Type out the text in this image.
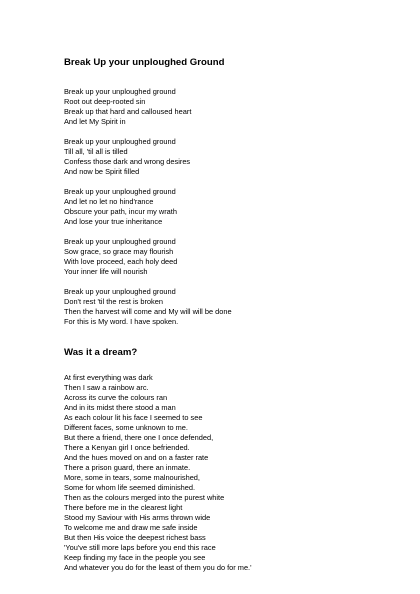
Break Up your unploughed Ground
Break up your unploughed ground
Root out deep-rooted sin
Break up that hard and calloused heart
And let My Spirit in
Break up your unploughed ground
Till all, 'til all is tilled
Confess those dark and wrong desires
And now be Spirit filled
Break up your unploughed ground
And let no let no hind'rance
Obscure your path, incur my wrath
And lose your true inheritance
Break up your unploughed ground
Sow grace, so grace may flourish
With love proceed, each holy deed
Your inner life will nourish
Break up your unploughed ground
Don't rest 'til the rest is broken
Then the harvest will come and My will will be done
For this is My word. I have spoken.
Was it a dream?
At first everything was dark
Then I saw a rainbow arc.
Across its curve the colours ran
And in its midst there stood a man
As each colour lit his face I seemed to see
Different faces, some unknown to me.
But there a friend, there one I once defended,
There a Kenyan girl I once befriended.
And the hues moved on and on a faster rate
There a prison guard, there an inmate.
More, some in tears, some malnourished,
Some for whom life seemed diminished.
Then as the colours merged into the purest white
There before me in the clearest light
Stood my Saviour with His arms thrown wide
To welcome me and draw me safe inside
But then His voice the deepest richest bass
'You've still more laps before you end this race
Keep finding my face in the people you see
And whatever you do for the least of them you do for me.'
